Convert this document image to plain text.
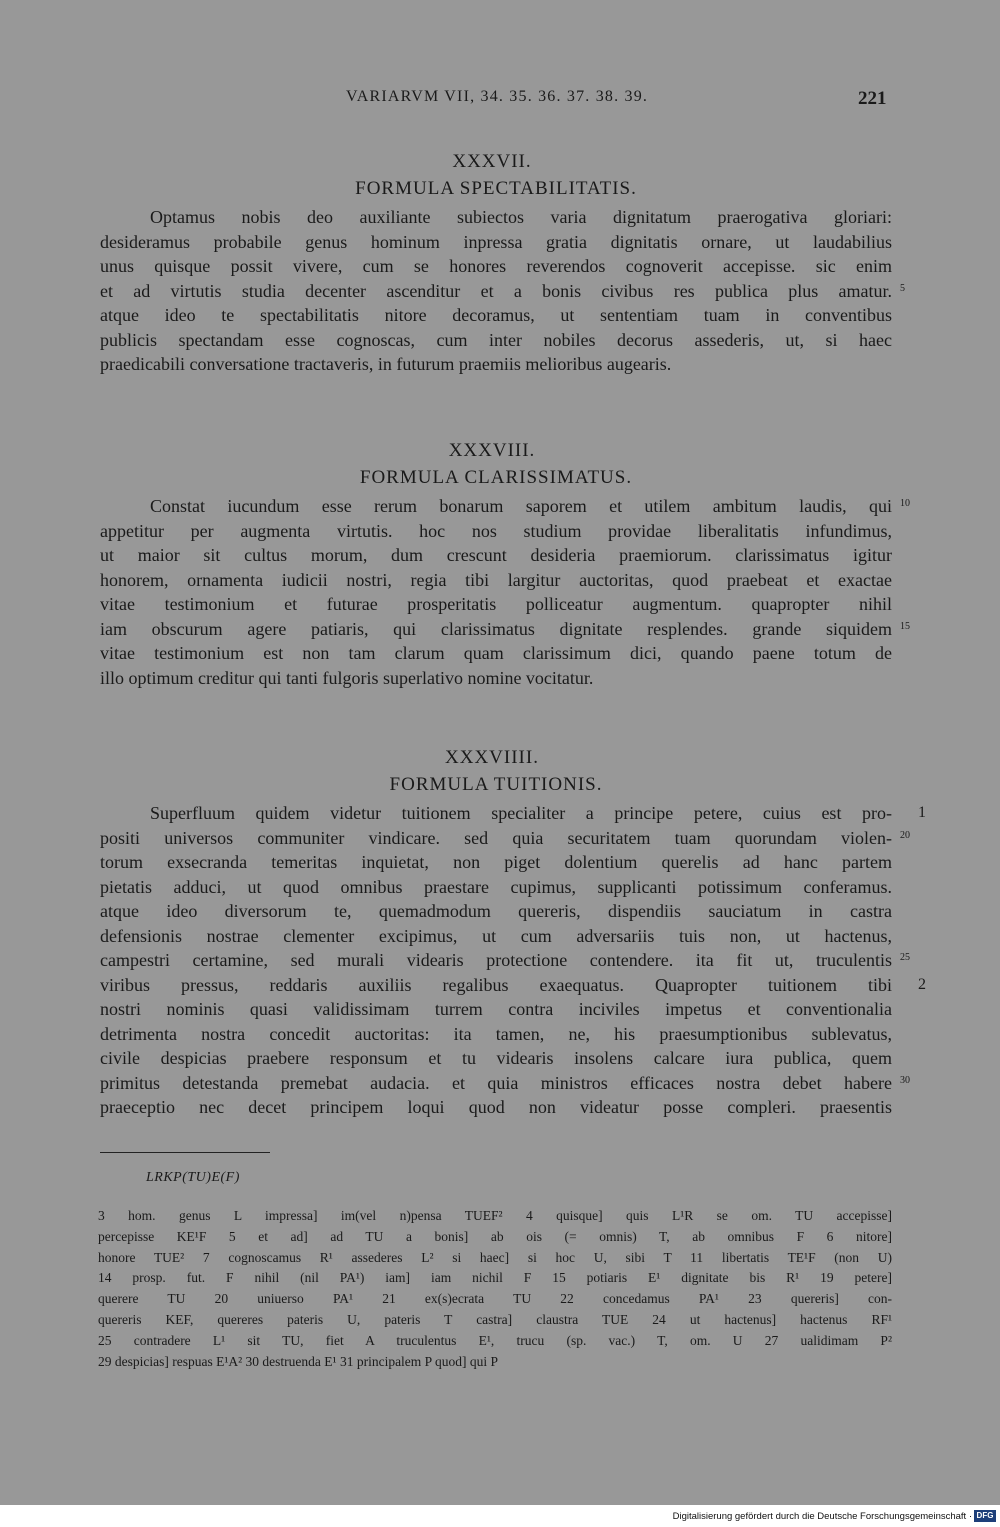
VARIARVM VII, 34. 35. 36. 37. 38. 39.	221
XXXVII.
FORMULA SPECTABILITATIS.
Optamus nobis deo auxiliante subiectos varia dignitatum praerogativa gloriari:
desideramus probabile genus hominum inpressa gratia dignitatis ornare, ut laudabilius
unus quisque possit vivere, cum se honores reverendos cognoverit accepisse. sic enim
et ad virtutis studia decenter ascenditur et a bonis civibus res publica plus amatur. 5
atque ideo te spectabilitatis nitore decoramus, ut sententiam tuam in conventibus
publicis spectandam esse cognoscas, cum inter nobiles decorus assederis, ut, si haec
praedicabili conversatione tractaveris, in futurum praemiis melioribus augearis.
XXXVIII.
FORMULA CLARISSIMATUS.
Constat iucundum esse rerum bonarum saporem et utilem ambitum laudis, qui 10
appetitur per augmenta virtutis. hoc nos studium providae liberalitatis infundimus,
ut maior sit cultus morum, dum crescunt desideria praemiorum. clarissimatus igitur
honorem, ornamenta iudicii nostri, regia tibi largitur auctoritas, quod praebeat et exactae
vitae testimonium et futurae prosperitatis polliceatur augmentum. quapropter nihil
iam obscurum agere patiaris, qui clarissimatus dignitate resplendes. grande siquidem 15
vitae testimonium est non tam clarum quam clarissimum dici, quando paene totum de
illo optimum creditur qui tanti fulgoris superlativo nomine vocitatur.
XXXVIIII.
FORMULA TUITIONIS.
Superfluum quidem videtur tuitionem specialiter a principe petere, cuius est pro- 1
positi universos communiter vindicare. sed quia securitatem tuam quorundam violen- 20
torum exsecranda temeritas inquietat, non piget dolentium querelis ad hanc partem
pietatis adduci, ut quod omnibus praestare cupimus, supplicanti potissimum conferamus.
atque ideo diversorum te, quemadmodum quereris, dispendiis sauciatum in castra
defensionis nostrae clementer excipimus, ut cum adversariis tuis non, ut hactenus,
campestri certamine, sed murali videaris protectione contendere. ita fit ut, truculentis 25
viribus pressus, reddaris auxiliis regalibus exaequatus. Quapropter tuitionem tibi 2
nostri nominis quasi validissimam turrem contra inciviles impetus et conventionalia
detrimenta nostra concedit auctoritas: ita tamen, ne, his praesumptionibus sublevatus,
civile despicias praebere responsum et tu videaris insolens calcare iura publica, quem
primitus detestanda premebat audacia. et quia ministros efficaces nostra debet habere 30
praeceptio nec decet principem loqui quod non videatur posse compleri. praesentis
LRKP(TU)E(F)
3 hom. genus L impressa] im(vel n)pensa TUEF² 4 quisque] quis L¹R se om. TU accepisse]
percepisse KE¹F 5 et ad] ad TU a bonis] ab ois (= omnis) T, ab omnibus F 6 nitore]
honore TUE² 7 cognoscamus R¹ assederes L² si haec] si hoc U, sibi T 11 libertatis TE¹F (non U)
14 prosp. fut. F nihil (nil PA¹) iam] iam nichil F 15 potiaris E¹ dignitate bis R¹ 19 petere]
querere TU 20 uniuerso PA¹ 21 ex(s)ecrata TU 22 concedamus PA¹ 23 quereris] con-
quereris KEF, quereres pateris U, pateris T castra] claustra TUE 24 ut hactenus] hactenus RF¹
25 contradere L¹ sit TU, fiet A truculentus E¹, trucu (sp. vac.) T, om. U 27 ualidimam P²
29 despicias] respuas E¹A² 30 destruenda E¹ 31 principalem P quod] qui P
Digitalisierung gefördert durch die Deutsche Forschungsgemeinschaft · DFG
